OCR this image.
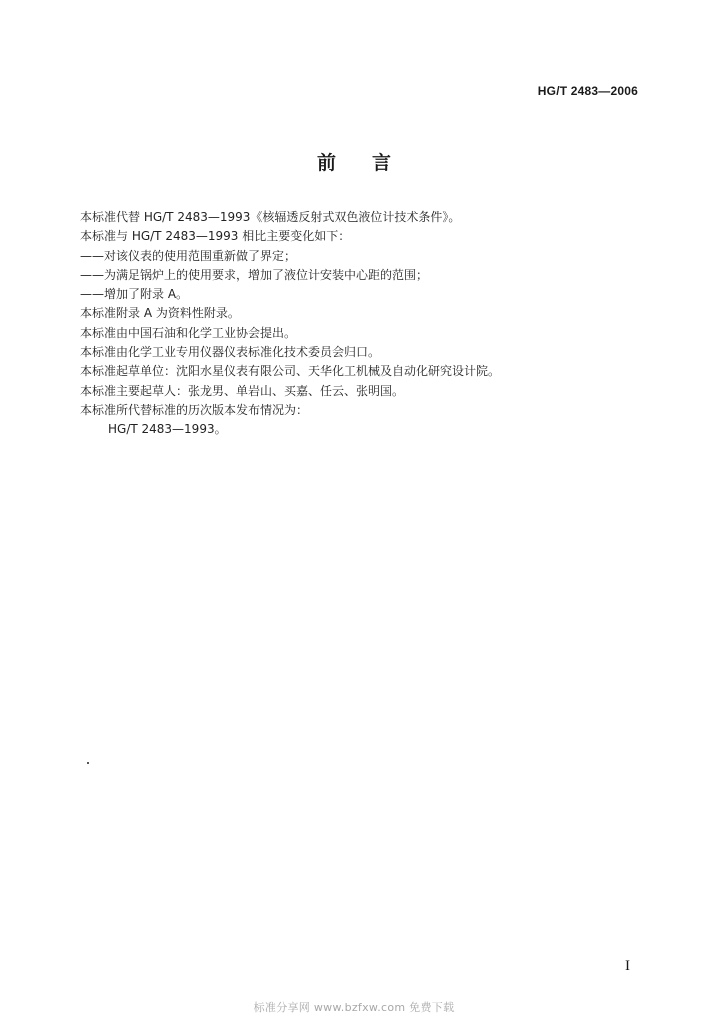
HG/T 2483—2006
前言
本标准代替 HG/T 2483—1993《核辐透反射式双色液位计技术条件》。
本标准与 HG/T 2483—1993 相比主要变化如下：
——对该仪表的使用范围重新做了界定；
——为满足锅炉上的使用要求，增加了液位计安装中心距的范围；
——增加了附录 A。
本标准附录 A 为资料性附录。
本标准由中国石油和化学工业协会提出。
本标准由化学工业专用仪器仪表标准化技术委员会归口。
本标准起草单位：沈阳水星仪表有限公司、天华化工机械及自动化研究设计院。
本标准主要起草人：张龙男、单岩山、买嘉、任云、张明国。
本标准所代替标准的历次版本发布情况为：
HG/T 2483—1993。
I
标准分享网 www.bzfxw.com 免费下载
